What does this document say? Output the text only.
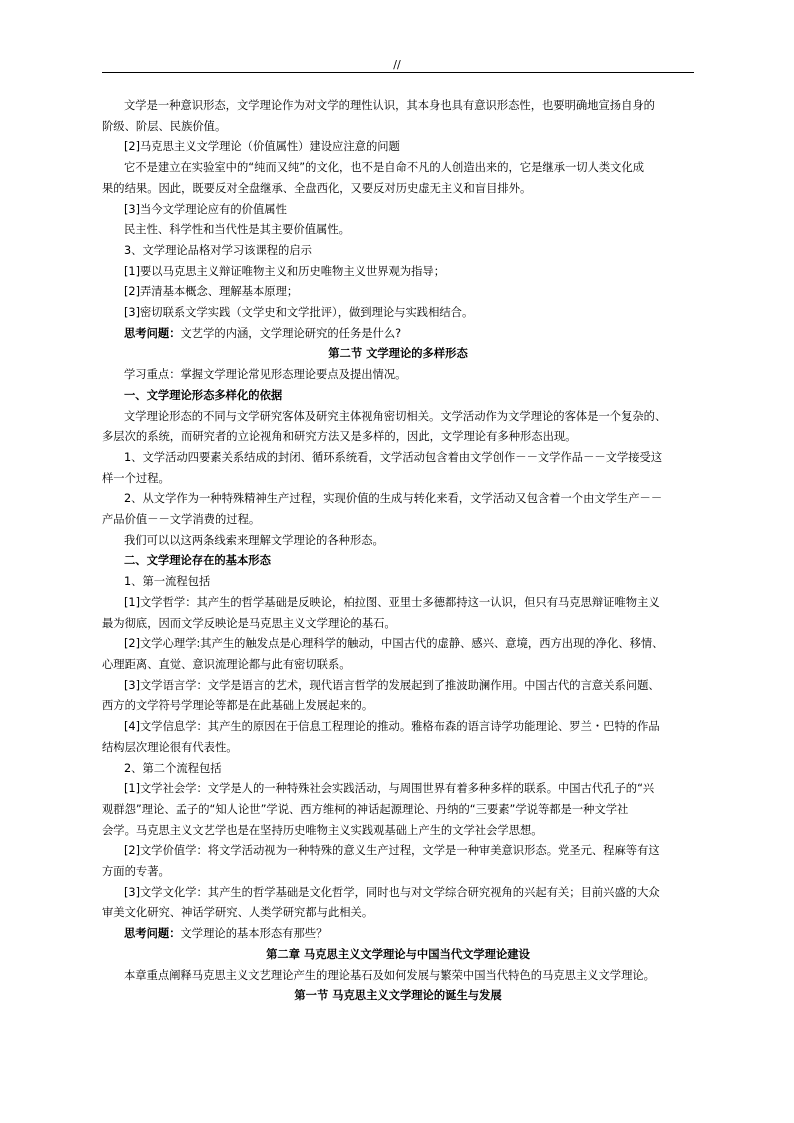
//

文学是一种意识形态，文学理论作为对文学的理性认识，其本身也具有意识形态性，也要明确地宣扬自身的

阶级、阶层、民族价值。

[2]马克思主义文学理论（价值属性）建设应注意的问题

它不是建立在实验室中的“纯而又纯”的文化，也不是自命不凡的人创造出来的，它是继承一切人类文化成

果的结果。因此，既要反对全盘继承、全盘西化，又要反对历史虚无主义和盲目排外。

[3]当今文学理论应有的价值属性

民主性、科学性和当代性是其主要价值属性。

3、文学理论品格对学习该课程的启示

[1]要以马克思主义辩证唯物主义和历史唯物主义世界观为指导；

[2]弄清基本概念、理解基本原理；

[3]密切联系文学实践（文学史和文学批评），做到理论与实践相结合。

思考问题：文艺学的内涵，文学理论研究的任务是什么?

第二节 文学理论的多样形态

学习重点：掌握文学理论常见形态理论要点及提出情况。

一、文学理论形态多样化的依据

文学理论形态的不同与文学研究客体及研究主体视角密切相关。文学活动作为文学理论的客体是一个复杂的、

多层次的系统，而研究者的立论视角和研究方法又是多样的，因此，文学理论有多种形态出现。

1、文学活动四要素关系结成的封闭、循环系统看，文学活动包含着由文学创作－－文学作品－－文学接受这

样一个过程。

2、从文学作为一种特殊精神生产过程，实现价值的生成与转化来看，文学活动又包含着一个由文学生产－－

产品价值－－文学消费的过程。

我们可以以这两条线索来理解文学理论的各种形态。

二、文学理论存在的基本形态

1、第一流程包括

[1]文学哲学：其产生的哲学基础是反映论，柏拉图、亚里士多德都持这一认识，但只有马克思辩证唯物主义

最为彻底，因而文学反映论是马克思主义文学理论的基石。

[2]文学心理学:其产生的触发点是心理科学的触动，中国古代的虚静、感兴、意境，西方出现的净化、移情、

心理距离、直觉、意识流理论都与此有密切联系。

[3]文学语言学：文学是语言的艺术，现代语言哲学的发展起到了推波助澜作用。中国古代的言意关系问题、

西方的文学符号学理论等都是在此基础上发展起来的。

[4]文学信息学：其产生的原因在于信息工程理论的推动。雅格布森的语言诗学功能理论、罗兰・巴特的作品

结构层次理论很有代表性。

2、第二个流程包括

[1]文学社会学：文学是人的一种特殊社会实践活动，与周围世界有着多种多样的联系。中国古代孔子的“兴

观群怨”理论、孟子的“知人论世”学说、西方维柯的神话起源理论、丹纳的“三要素”学说等都是一种文学社

会学。马克思主义文艺学也是在坚持历史唯物主义实践观基础上产生的文学社会学思想。

[2]文学价值学：将文学活动视为一种特殊的意义生产过程，文学是一种审美意识形态。党圣元、程麻等有这

方面的专著。

[3]文学文化学：其产生的哲学基础是文化哲学，同时也与对文学综合研究视角的兴起有关；目前兴盛的大众

审美文化研究、神话学研究、人类学研究都与此相关。

思考问题：文学理论的基本形态有那些？

第二章 马克思主义文学理论与中国当代文学理论建设

本章重点阐释马克思主义文艺理论产生的理论基石及如何发展与繁荣中国当代特色的马克思主义文学理论。

第一节 马克思主义文学理论的诞生与发展
